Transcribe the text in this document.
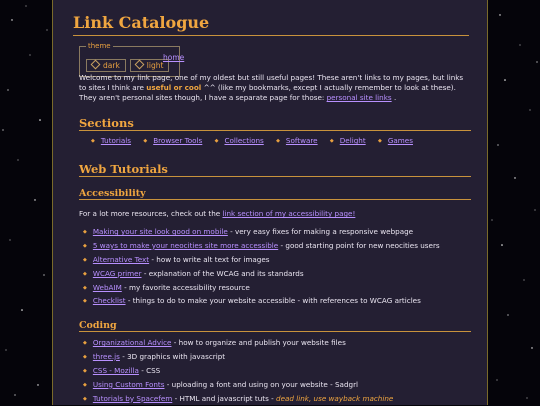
Link Catalogue
theme
dark	light
home

Welcome to my link page, one of my oldest but still useful pages! These aren't links to my pages, but links to sites I think are useful or cool ^^ (like my bookmarks, except I actually remember to look at these). They aren't personal sites though, I have a separate page for those: personal site links .

Sections
◆ Tutorials ◆ Browser Tools ◆ Collections ◆ Software ◆ Delight ◆ Games
Web Tutorials
Accessibility

For a lot more resources, check out the link section of my accessibility page!

◆ Making your site look good on mobile - very easy fixes for making a responsive webpage
◆ 5 ways to make your neocities site more accessible - good starting point for new neocities users
◆ Alternative Text - how to write alt text for images
◆ WCAG primer - explanation of the WCAG and its standards
◆ WebAIM - my favorite accessibility resource
◆ Checklist - things to do to make your website accessible - with references to WCAG articles
Coding
◆ Organizational Advice - how to organize and publish your website files
◆ three.js - 3D graphics with javascript
◆ CSS - Mozilla - CSS
◆ Using Custom Fonts - uploading a font and using on your website - Sadgrl
◆ Tutorials by Spacefem - HTML and javascript tuts - dead link, use wayback machine
